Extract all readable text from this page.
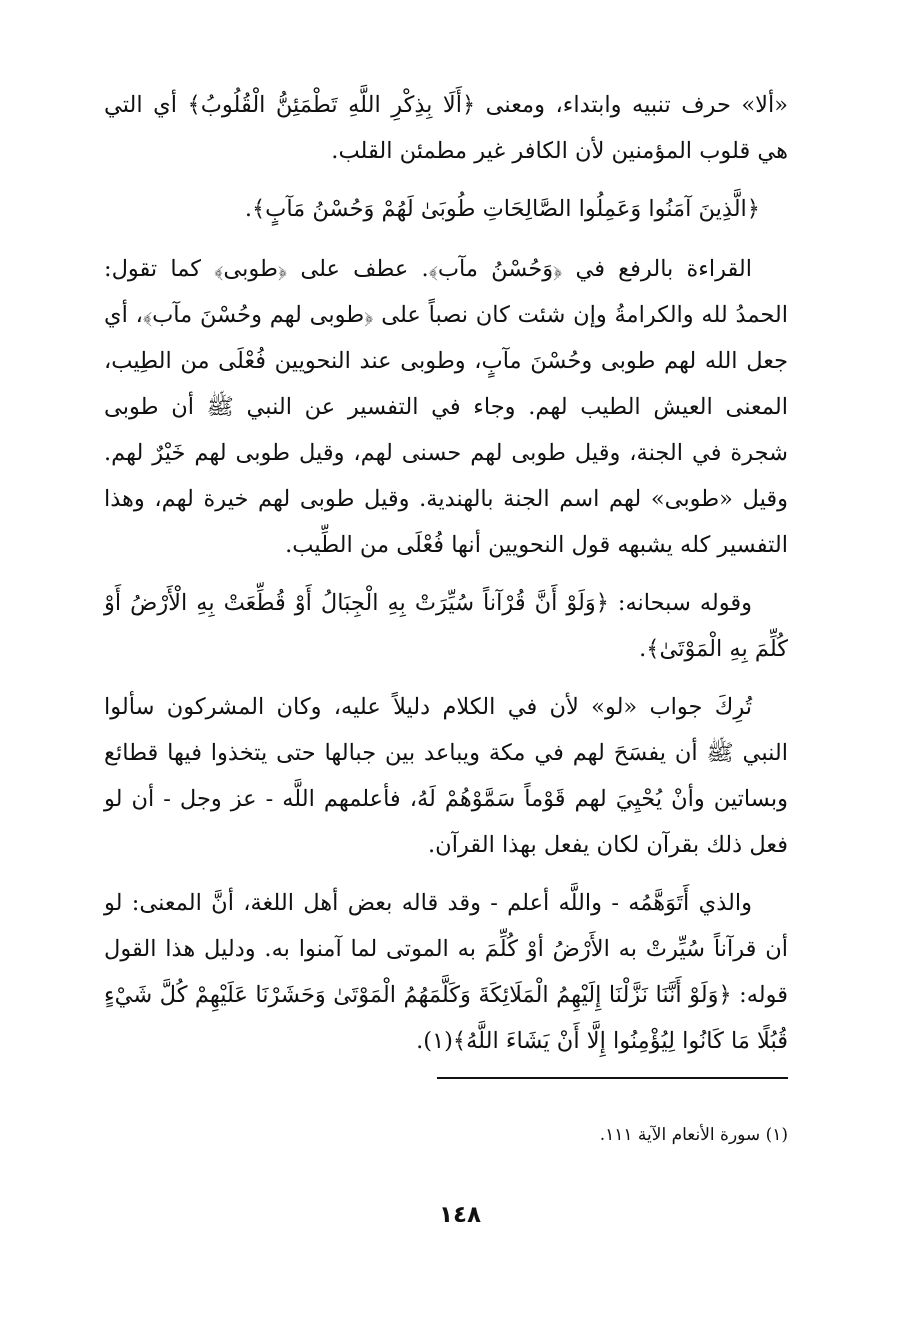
«ألا» حرف تنبيه وابتداء، ومعنى ﴿أَلَا بِذِكْرِ اللَّهِ تَطْمَئِنُّ الْقُلُوبُ﴾ أي التي هي قلوب المؤمنين لأن الكافر غير مطمئن القلب.

﴿الَّذِينَ آمَنُوا وَعَمِلُوا الصَّالِحَاتِ طُوبَىٰ لَهُمْ وَحُسْنُ مَآبٍ﴾.

القراءة بالرفع في ﴿وَحُسْنُ مآب﴾. عطف على ﴿طوبى﴾ كما تقول: الحمدُ لله والكرامةُ وإن شئت كان نصباً على ﴿طوبى لهم وحُسْنَ مآب﴾، أي جعل الله لهم طوبى وحُسْنَ مآبٍ، وطوبى عند النحويين فُعْلَى من الطِيب، المعنى العيش الطيب لهم. وجاء في التفسير عن النبي ﷺ أن طوبى شجرة في الجنة، وقيل طوبى لهم حسنى لهم، وقيل طوبى لهم خَيْرٌ لهم. وقيل «طوبى» لهم اسم الجنة بالهندية. وقيل طوبى لهم خيرة لهم، وهذا التفسير كله يشبهه قول النحويين أنها فُعْلَى من الطِّيب.

وقوله سبحانه: ﴿وَلَوْ أَنَّ قُرْآناً سُيِّرَتْ بِهِ الْجِبَالُ أَوْ قُطِّعَتْ بِهِ الْأَرْضُ أَوْ كُلِّمَ بِهِ الْمَوْتَىٰ﴾.

تُرِكَ جواب «لو» لأن في الكلام دليلاً عليه، وكان المشركون سألوا النبي ﷺ أن يفسَحَ لهم في مكة ويباعد بين جبالها حتى يتخذوا فيها قطائع وبساتين وأنْ يُحْيِيَ لهم قَوْماً سَمَّوْهُمْ لَهُ، فأعلمهم اللَّه - عز وجل - أن لو فعل ذلك بقرآن لكان يفعل بهذا القرآن.

والذي أَتَوَهَّمُه - واللَّه أعلم - وقد قاله بعض أهل اللغة، أنَّ المعنى: لو أن قرآناً سُيِّرتْ به الأَرْضُ أوْ كُلِّمَ به الموتى لما آمنوا به. ودليل هذا القول قوله: ﴿وَلَوْ أَنَّنَا نَزَّلْنَا إِلَيْهِمُ الْمَلَائِكَةَ وَكَلَّمَهُمُ الْمَوْتَىٰ وَحَشَرْنَا عَلَيْهِمْ كُلَّ شَيْءٍ قُبُلًا مَا كَانُوا لِيُؤْمِنُوا إِلَّا أَنْ يَشَاءَ اللَّهُ﴾(١).

(١) سورة الأنعام الآية ١١١.
١٤٨
